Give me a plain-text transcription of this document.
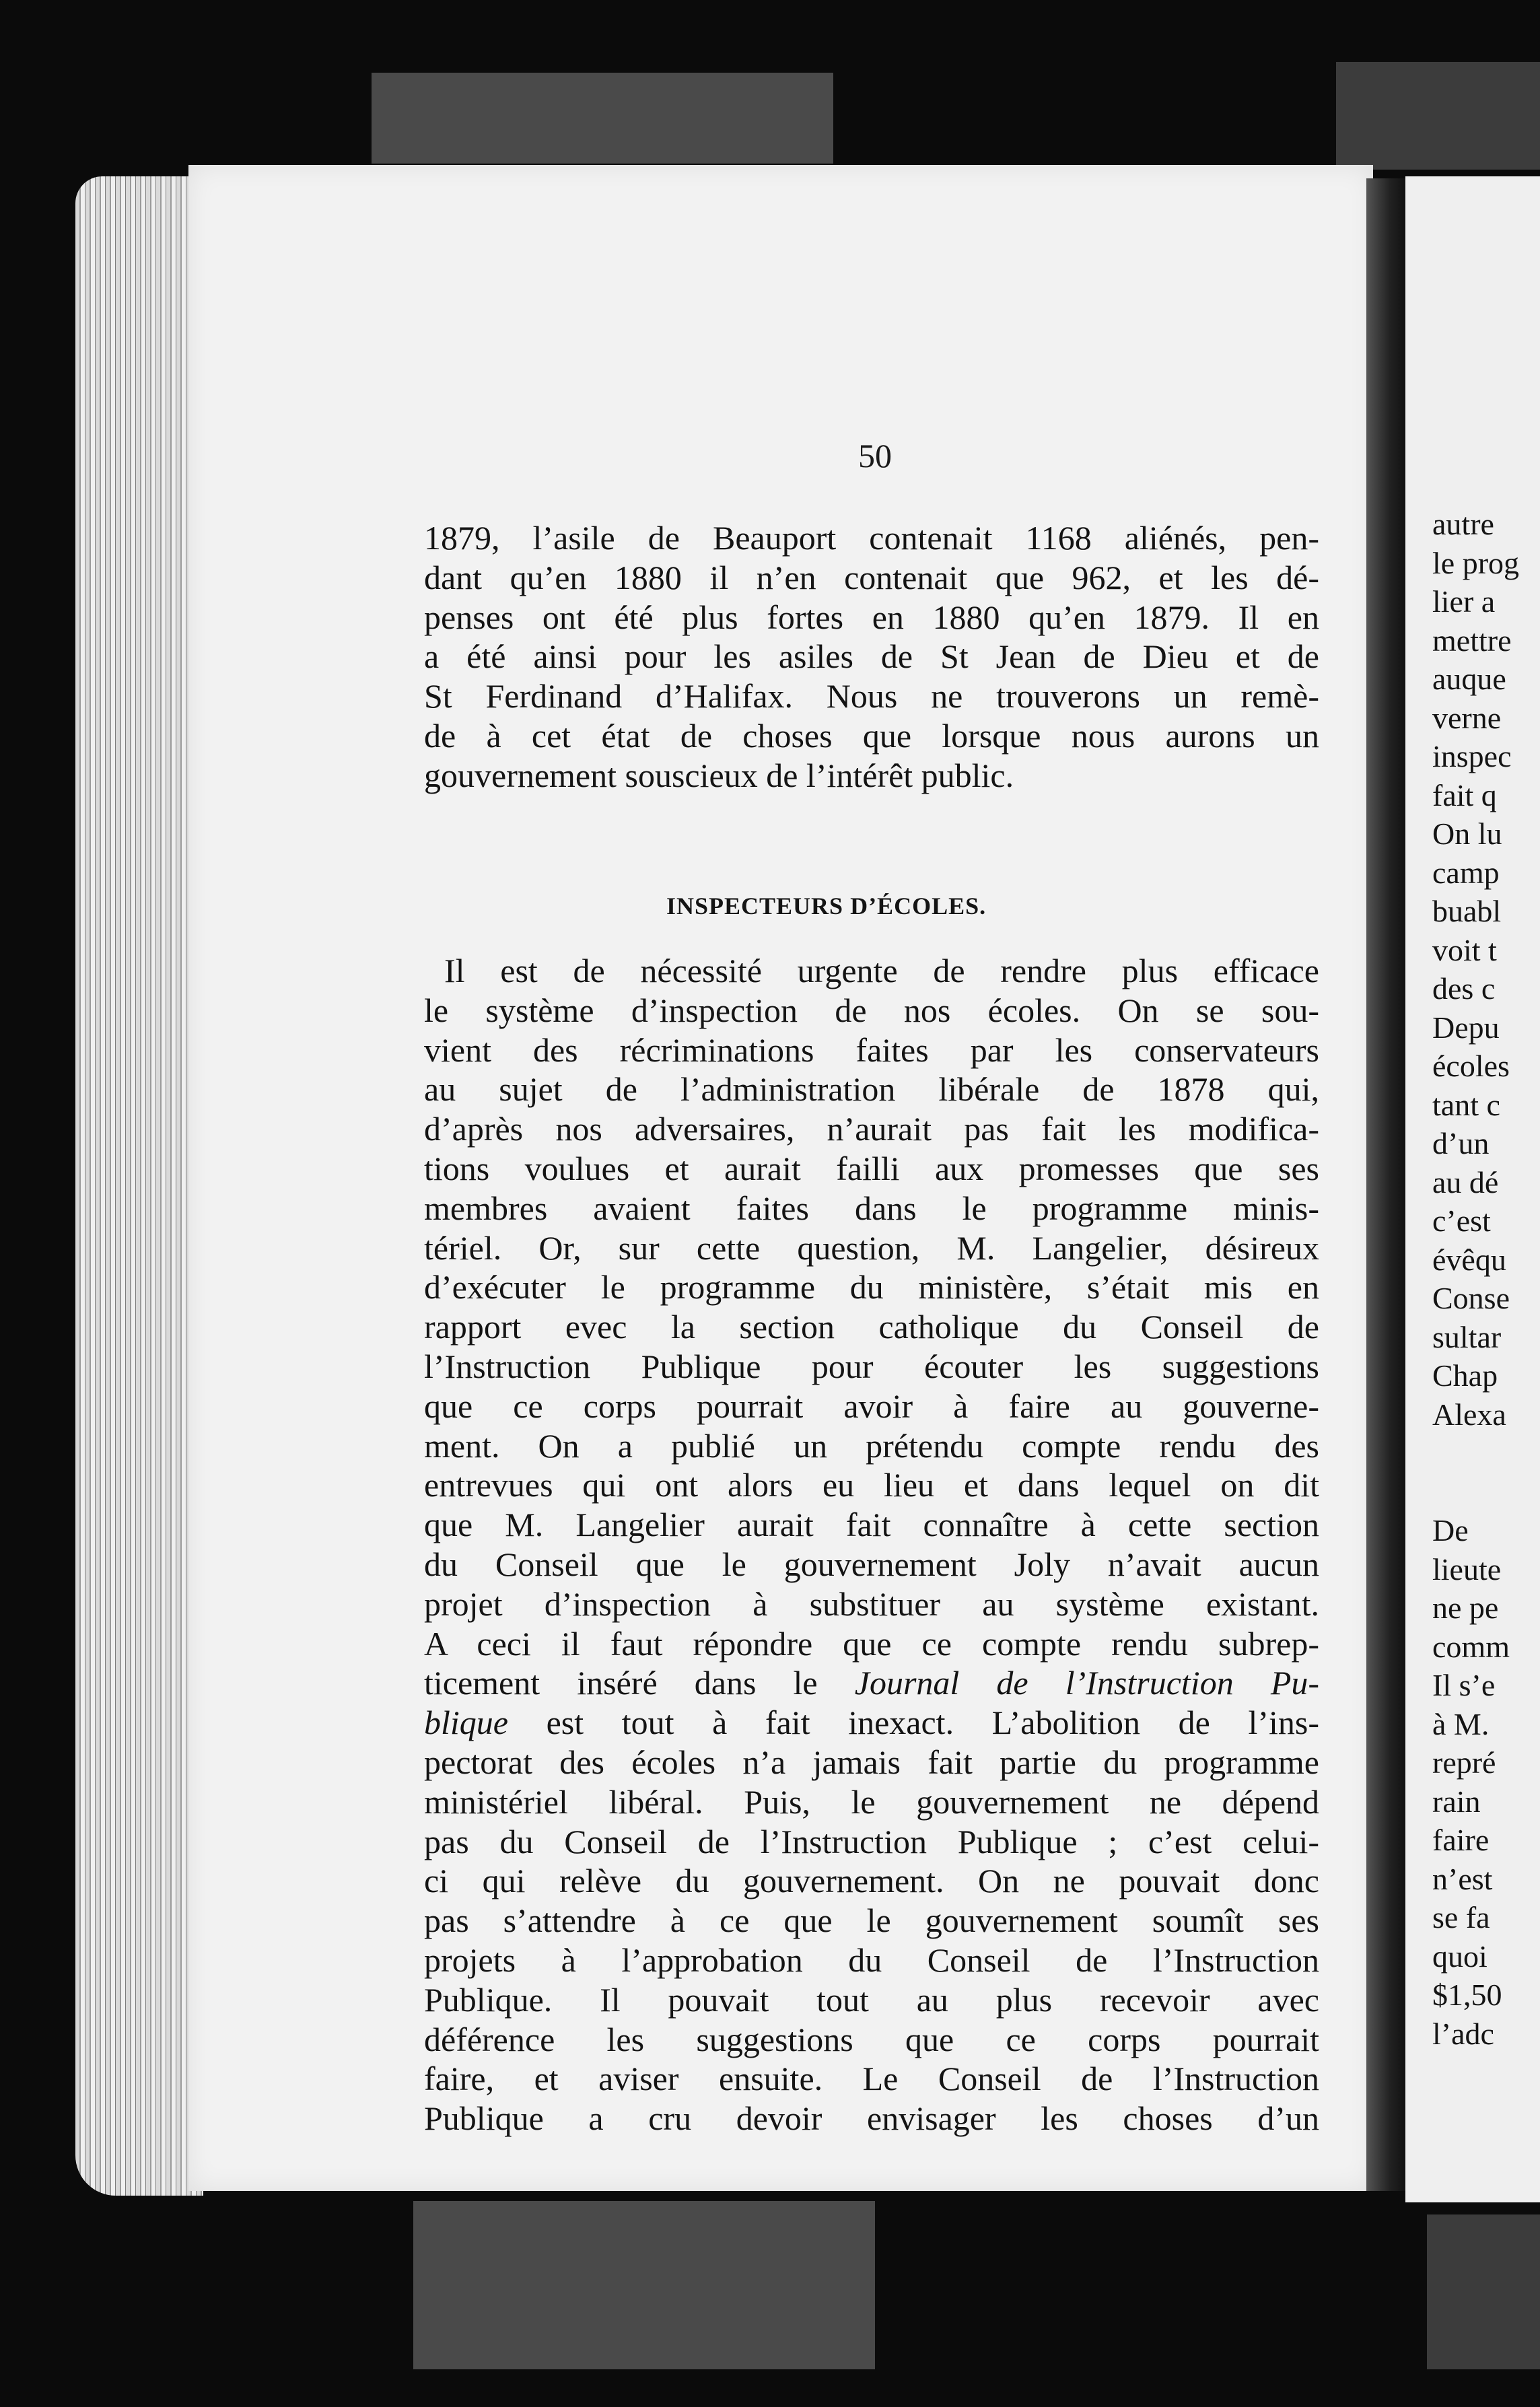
50
1879, l’asile de Beauport contenait 1168 aliénés, pen-
dant qu’en 1880 il n’en contenait que 962, et les dé-
penses ont été plus fortes en 1880 qu’en 1879. Il en
a été ainsi pour les asiles de St Jean de Dieu et de
St Ferdinand d’Halifax. Nous ne trouverons un remè-
de à cet état de choses que lorsque nous aurons un
gouvernement souscieux de l’intérêt public.
INSPECTEURS D’ÉCOLES.
Il est de nécessité urgente de rendre plus efficace
le système d’inspection de nos écoles. On se sou-
vient des récriminations faites par les conservateurs
au sujet de l’administration libérale de 1878 qui,
d’après nos adversaires, n’aurait pas fait les modifica-
tions voulues et aurait failli aux promesses que ses
membres avaient faites dans le programme minis-
tériel. Or, sur cette question, M. Langelier, désireux
d’exécuter le programme du ministère, s’était mis en
rapport evec la section catholique du Conseil de
l’Instruction Publique pour écouter les suggestions
que ce corps pourrait avoir à faire au gouverne-
ment. On a publié un prétendu compte rendu des
entrevues qui ont alors eu lieu et dans lequel on dit
que M. Langelier aurait fait connaître à cette section
du Conseil que le gouvernement Joly n’avait aucun
projet d’inspection à substituer au système existant.
A ceci il faut répondre que ce compte rendu subrep-
ticement inséré dans le Journal de l’Instruction Pu-
blique est tout à fait inexact. L’abolition de l’ins-
pectorat des écoles n’a jamais fait partie du programme
ministériel libéral. Puis, le gouvernement ne dépend
pas du Conseil de l’Instruction Publique ; c’est celui-
ci qui relève du gouvernement. On ne pouvait donc
pas s’attendre à ce que le gouvernement soumît ses
projets à l’approbation du Conseil de l’Instruction
Publique. Il pouvait tout au plus recevoir avec
déférence les suggestions que ce corps pourrait
faire, et aviser ensuite. Le Conseil de l’Instruction
Publique a cru devoir envisager les choses d’un
autre
le prog
lier a
mettre
auque
verne
inspec
fait q
On lu
camp
buabl
voit t
des c
Depu
écoles
tant c
d’un
au dé
c’est
évêqu
Conse
sultar
Chap
Alexa
De
lieute
ne pe
comm
Il s’e
à M.
repré
rain
faire
n’est
se fa
quoi
$1,50
l’adc
